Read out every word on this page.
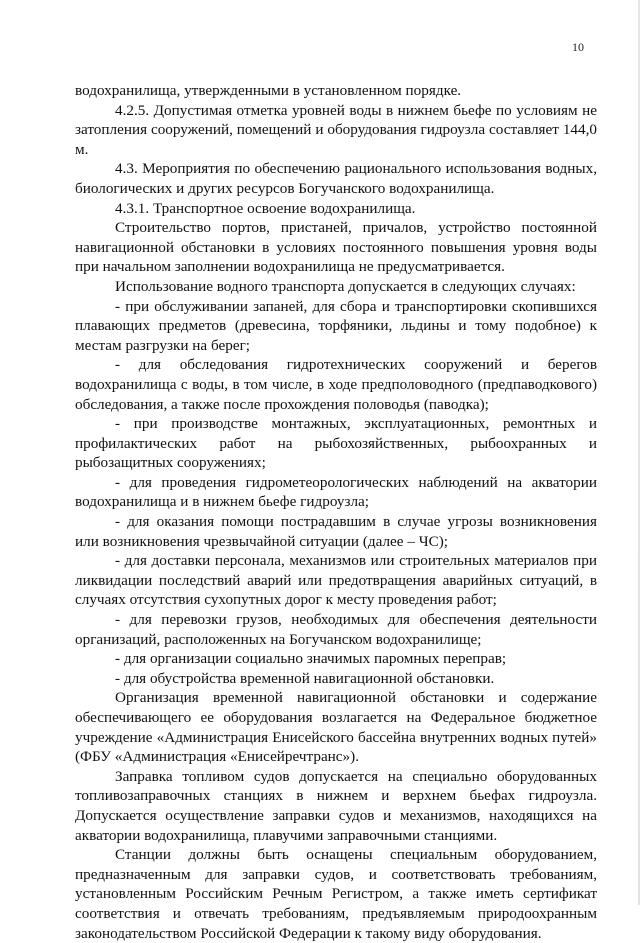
10

водохранилища, утвержденными в установленном порядке.

4.2.5. Допустимая отметка уровней воды в нижнем бьефе по условиям не затопления сооружений, помещений и оборудования гидроузла составляет 144,0 м.

4.3. Мероприятия по обеспечению рационального использования водных, биологических и других ресурсов Богучанского водохранилища.

4.3.1. Транспортное освоение водохранилища.

Строительство портов, пристаней, причалов, устройство постоянной навигационной обстановки в условиях постоянного повышения уровня воды при начальном заполнении водохранилища не предусматривается.

Использование водного транспорта допускается в следующих случаях:

- при обслуживании запаней, для сбора и транспортировки скопившихся плавающих предметов (древесина, торфяники, льдины и тому подобное) к местам разгрузки на берег;

- для обследования гидротехнических сооружений и берегов водохранилища с воды, в том числе, в ходе предполоводного (предпаводкового) обследования, а также после прохождения половодья (паводка);

- при производстве монтажных, эксплуатационных, ремонтных и профилактических работ на рыбохозяйственных, рыбоохранных и рыбозащитных сооружениях;

- для проведения гидрометеорологических наблюдений на акватории водохранилища и в нижнем бьефе гидроузла;

- для оказания помощи пострадавшим в случае угрозы возникновения или возникновения чрезвычайной ситуации (далее – ЧС);

- для доставки персонала, механизмов или строительных материалов при ликвидации последствий аварий или предотвращения аварийных ситуаций, в случаях отсутствия сухопутных дорог к месту проведения работ;

- для перевозки грузов, необходимых для обеспечения деятельности организаций, расположенных на Богучанском водохранилище;

- для организации социально значимых паромных переправ;

- для обустройства временной навигационной обстановки.

Организация временной навигационной обстановки и содержание обеспечивающего ее оборудования возлагается на Федеральное бюджетное учреждение «Администрация Енисейского бассейна внутренних водных путей» (ФБУ «Администрация «Енисейречтранс»).

Заправка топливом судов допускается на специально оборудованных топливозаправочных станциях в нижнем и верхнем бьефах гидроузла. Допускается осуществление заправки судов и механизмов, находящихся на акватории водохранилища, плавучими заправочными станциями.

Станции должны быть оснащены специальным оборудованием, предназначенным для заправки судов, и соответствовать требованиям, установленным Российским Речным Регистром, а также иметь сертификат соответствия и отвечать требованиям, предъявляемым природоохранным законодательством Российской Федерации к такому виду оборудования.
